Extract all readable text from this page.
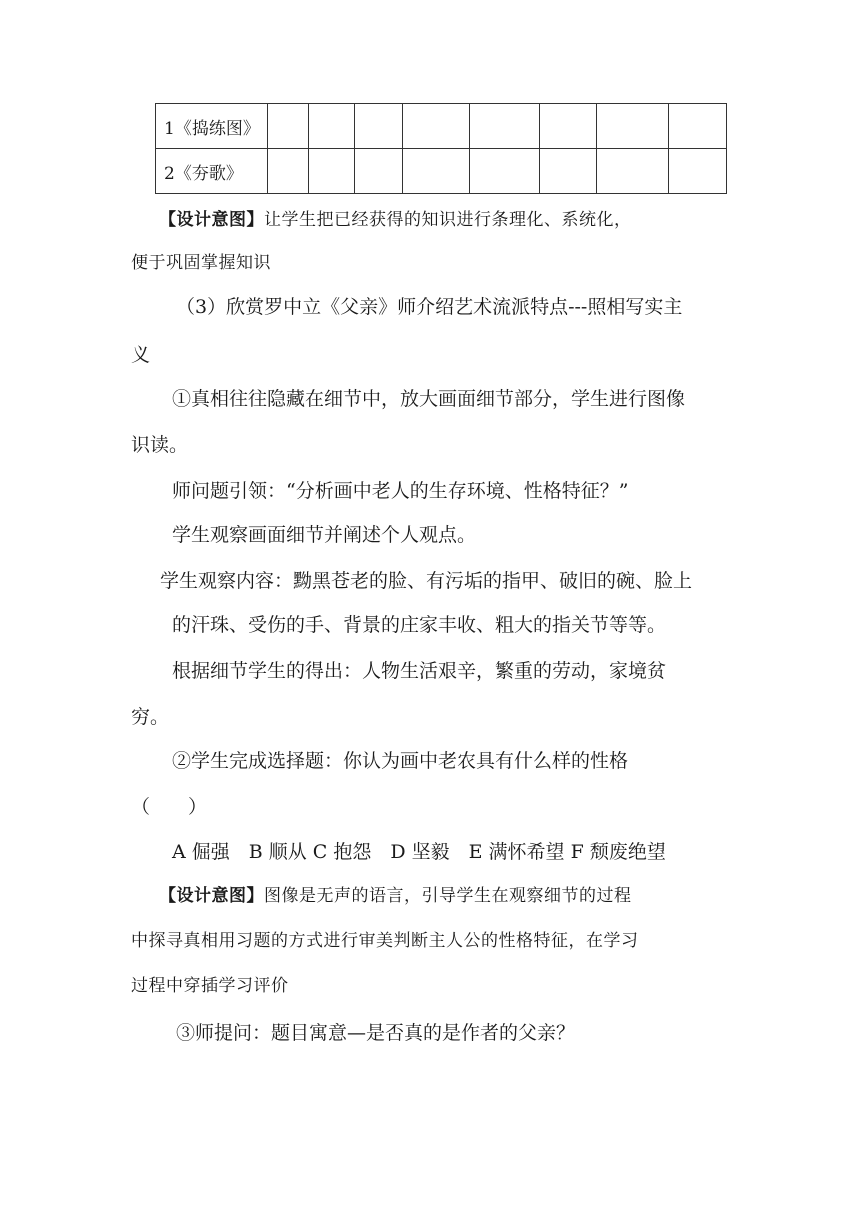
1《捣练图》								
2《夯歌》								
【设计意图】让学生把已经获得的知识进行条理化、系统化，
便于巩固掌握知识
（3）欣赏罗中立《父亲》师介绍艺术流派特点---照相写实主
义
①真相往往隐藏在细节中，放大画面细节部分，学生进行图像
识读。
师问题引领：“分析画中老人的生存环境、性格特征？”
学生观察画面细节并阐述个人观点。
学生观察内容：黝黑苍老的脸、有污垢的指甲、破旧的碗、脸上
的汗珠、受伤的手、背景的庄家丰收、粗大的指关节等等。
根据细节学生的得出：人物生活艰辛，繁重的劳动，家境贫
穷。
②学生完成选择题：你认为画中老农具有什么样的性格
（　　）
A 倔强　B 顺从 C 抱怨　D 坚毅　E 满怀希望 F 颓废绝望
【设计意图】图像是无声的语言，引导学生在观察细节的过程
中探寻真相用习题的方式进行审美判断主人公的性格特征，在学习
过程中穿插学习评价
③师提问：题目寓意—是否真的是作者的父亲？
